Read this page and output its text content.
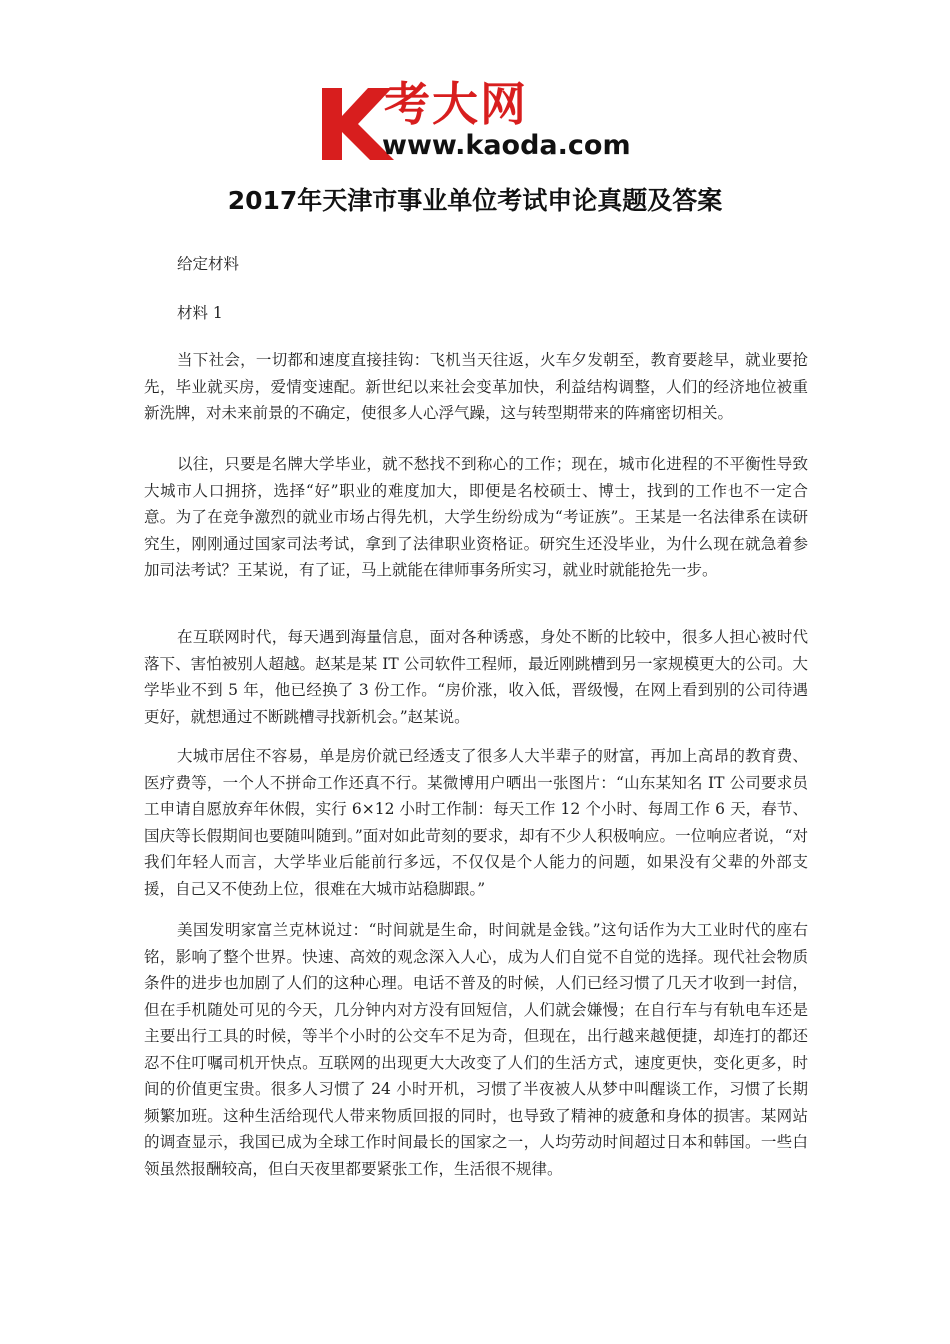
考大网
www.kaoda.com
2017年天津市事业单位考试申论真题及答案
给定材料
材料 1

当下社会，一切都和速度直接挂钩：飞机当天往返，火车夕发朝至，教育要趁早，就业要抢先，毕业就买房，爱情变速配。新世纪以来社会变革加快，利益结构调整，人们的经济地位被重新洗牌，对未来前景的不确定，使很多人心浮气躁，这与转型期带来的阵痛密切相关。

以往，只要是名牌大学毕业，就不愁找不到称心的工作；现在，城市化进程的不平衡性导致大城市人口拥挤，选择“好”职业的难度加大，即便是名校硕士、博士，找到的工作也不一定合意。为了在竞争激烈的就业市场占得先机，大学生纷纷成为“考证族”。王某是一名法律系在读研究生，刚刚通过国家司法考试，拿到了法律职业资格证。研究生还没毕业，为什么现在就急着参加司法考试？王某说，有了证，马上就能在律师事务所实习，就业时就能抢先一步。

在互联网时代，每天遇到海量信息，面对各种诱惑，身处不断的比较中，很多人担心被时代落下、害怕被别人超越。赵某是某 IT 公司软件工程师，最近刚跳槽到另一家规模更大的公司。大学毕业不到 5 年，他已经换了 3 份工作。“房价涨，收入低，晋级慢，在网上看到别的公司待遇更好，就想通过不断跳槽寻找新机会。”赵某说。

大城市居住不容易，单是房价就已经透支了很多人大半辈子的财富，再加上高昂的教育费、医疗费等，一个人不拼命工作还真不行。某微博用户晒出一张图片：“山东某知名 IT 公司要求员工申请自愿放弃年休假，实行 6×12 小时工作制：每天工作 12 个小时、每周工作 6 天，春节、国庆等长假期间也要随叫随到。”面对如此苛刻的要求，却有不少人积极响应。一位响应者说，“对我们年轻人而言，大学毕业后能前行多远，不仅仅是个人能力的问题，如果没有父辈的外部支援，自己又不使劲上位，很难在大城市站稳脚跟。”

美国发明家富兰克林说过：“时间就是生命，时间就是金钱。”这句话作为大工业时代的座右铭，影响了整个世界。快速、高效的观念深入人心，成为人们自觉不自觉的选择。现代社会物质条件的进步也加剧了人们的这种心理。电话不普及的时候，人们已经习惯了几天才收到一封信，但在手机随处可见的今天，几分钟内对方没有回短信，人们就会嫌慢；在自行车与有轨电车还是主要出行工具的时候，等半个小时的公交车不足为奇，但现在，出行越来越便捷，却连打的都还忍不住叮嘱司机开快点。互联网的出现更大大改变了人们的生活方式，速度更快，变化更多，时间的价值更宝贵。很多人习惯了 24 小时开机，习惯了半夜被人从梦中叫醒谈工作，习惯了长期频繁加班。这种生活给现代人带来物质回报的同时，也导致了精神的疲惫和身体的损害。某网站的调查显示，我国已成为全球工作时间最长的国家之一，人均劳动时间超过日本和韩国。一些白领虽然报酬较高，但白天夜里都要紧张工作，生活很不规律。
